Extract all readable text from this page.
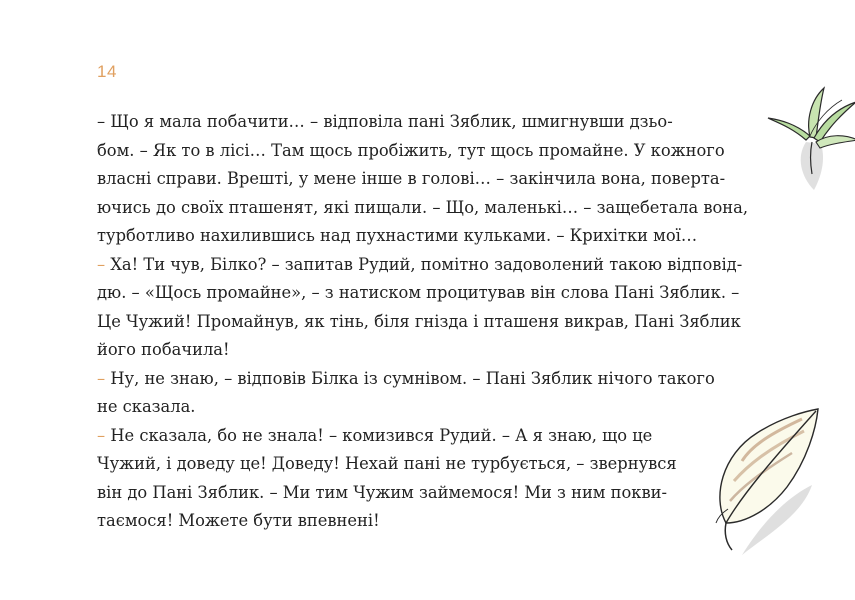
14
– Що я мала побачити… – відповіла пані Зяблик, шмигнувши дзьо-
бом. – Як то в лісі… Там щось пробіжить, тут щось промайне. У кожного
власні справи. Врешті, у мене інше в голові… – закінчила вона, поверта-
ючись до своїх пташенят, які пищали. – Що, маленькі… – защебетала вона,
турботливо нахилившись над пухнастими кульками. – Крихітки мої…
– Ха! Ти чув, Білко? – запитав Рудий, помітно задоволений такою відповід-
дю. – «Щось промайне», – з натиском процитував він слова Пані Зяблик. –
Це Чужий! Промайнув, як тінь, біля гнізда і пташеня викрав, Пані Зяблик
його побачила!
– Ну, не знаю, – відповів Білка із сумнівом. – Пані Зяблик нічого такого
не сказала.
– Не сказала, бо не знала! – комизився Рудий. – А я знаю, що це
Чужий, і доведу це! Доведу! Нехай пані не турбується, – звернувся
він до Пані Зяблик. – Ми тим Чужим займемося! Ми з ним покви-
таємося! Можете бути впевнені!
